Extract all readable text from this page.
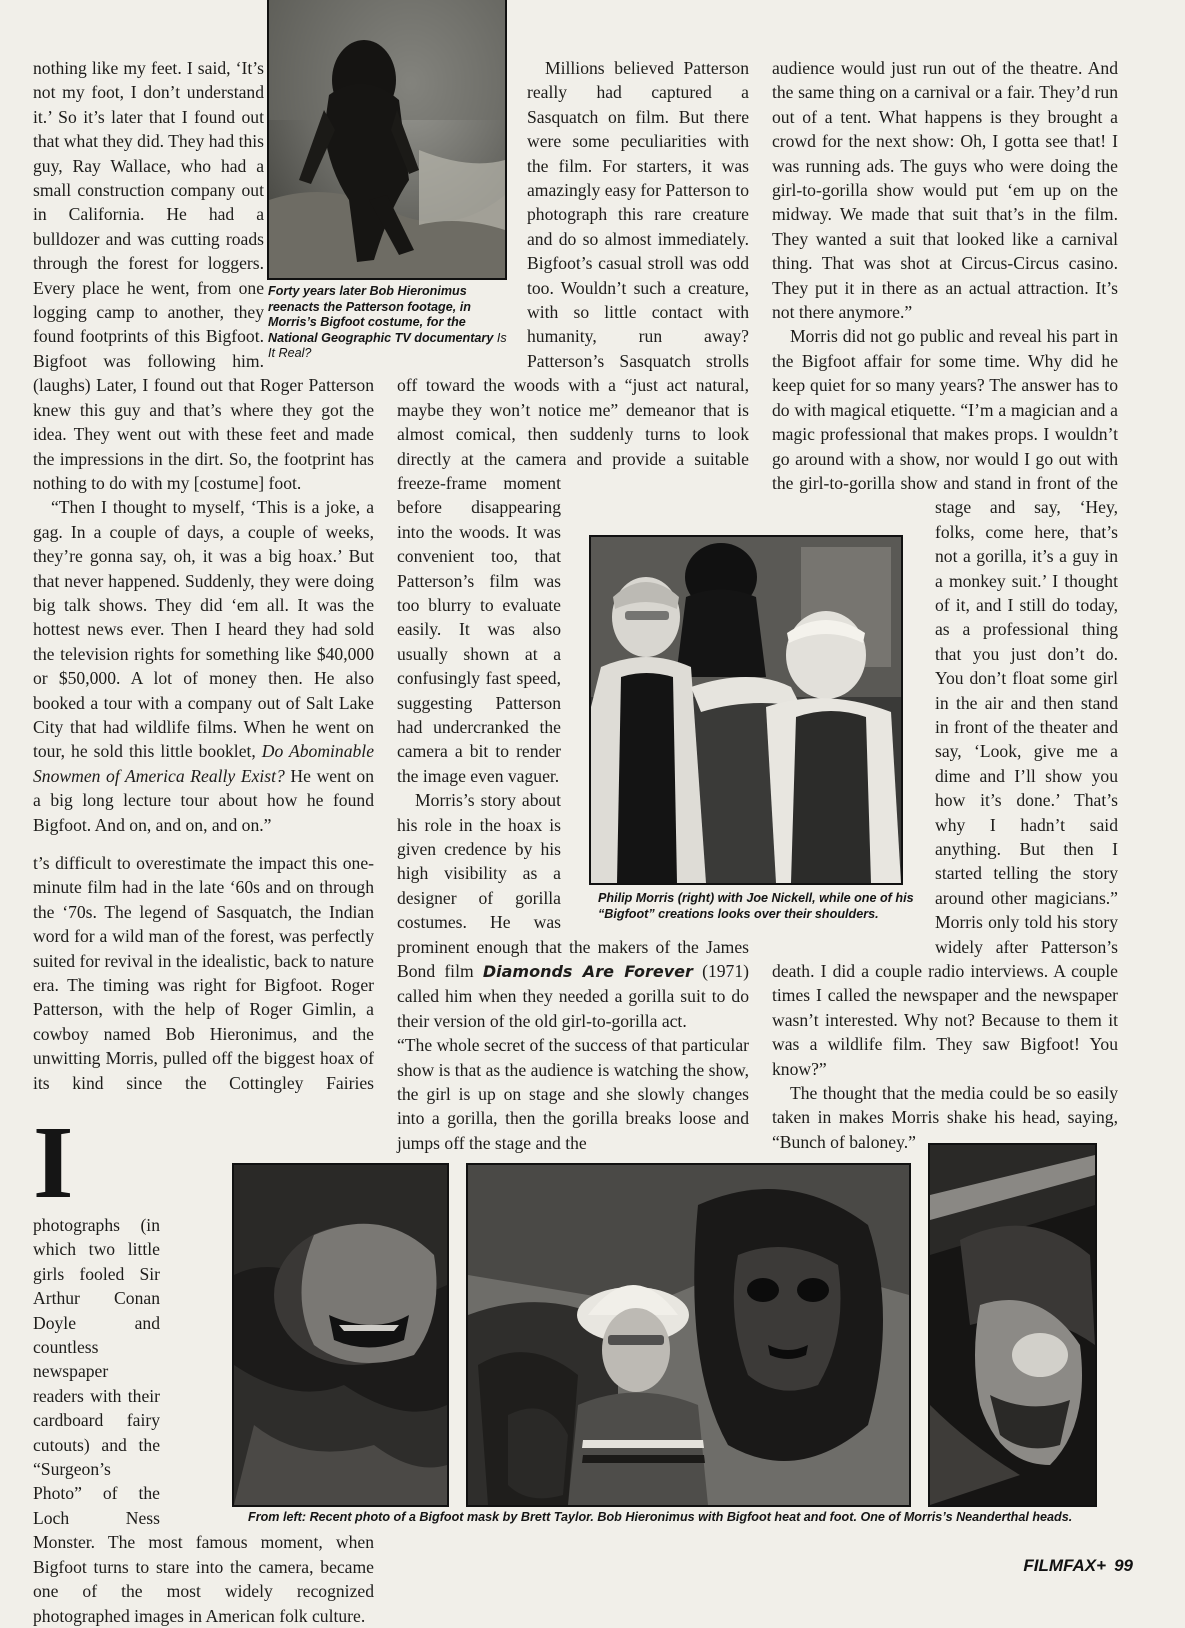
Forty years later Bob Hieronimus reenacts the Patterson footage, in Morris’s Bigfoot costume, for the National Geographic TV documentary Is It Real?
Philip Morris (right) with Joe Nickell, while one of his “Bigfoot” creations looks over their shoulders.
From left: Recent photo of a Bigfoot mask by Brett Taylor. Bob Hieronimus with Bigfoot heat and foot. One of Morris’s Neanderthal heads.

nothing like my feet. I said, ‘It’s not my foot, I don’t understand it.’ So it’s later that I found out that what they did. They had this guy, Ray Wallace, who had a small construction company out in California. He had a bulldozer and was cutting roads through the forest for loggers. Every place he went, from one logging camp to another, they found footprints of this Bigfoot. Bigfoot was following him. (laughs) Later, I found out that Roger Patterson knew this guy and that’s where they got the idea. They went out with these feet and made the impressions in the dirt. So, the footprint has nothing to do with my [costume] foot.

“Then I thought to myself, ‘This is a joke, a gag. In a couple of days, a couple of weeks, they’re gonna say, oh, it was a big hoax.’ But that never happened. Suddenly, they were doing big talk shows. They did ‘em all. It was the hottest news ever. Then I heard they had sold the television rights for something like $40,000 or $50,000. A lot of money then. He also booked a tour with a company out of Salt Lake City that had wildlife films. When he went on tour, he sold this little booklet, Do Abominable Snowmen of America Really Exist? He went on a big long lecture tour about how he found Bigfoot. And on, and on, and on.”

I
t’s difficult to overestimate the impact this one-minute film had in the late ‘60s and on through the ‘70s. The legend of Sasquatch, the Indian word for a wild man of the forest, was perfectly suited for revival in the idealistic, back to nature era. The timing was right for Bigfoot. Roger Patterson, with the help of Roger Gimlin, a cowboy named Bob Hieronimus, and the unwitting Morris, pulled off the biggest hoax of its kind since the Cottingley Fairies photographs (in which two little girls fooled Sir Arthur Conan Doyle and countless newspaper readers with their cardboard fairy cutouts) and the “Surgeon’s Photo” of the Loch Ness Monster. The most famous moment, when Bigfoot turns to stare into the camera, became one of the most widely recognized photographed images in American folk culture.

Millions believed Patterson really had captured a Sasquatch on film. But there were some peculiarities with the film. For starters, it was amazingly easy for Patterson to photograph this rare creature and do so almost immediately. Bigfoot’s casual stroll was odd too. Wouldn’t such a creature, with so little contact with humanity, run away? Patterson’s Sasquatch strolls off toward the woods with a “just act natural, maybe they won’t notice me” demeanor that is almost comical, then suddenly turns to look directly at the camera and provide a suitable freeze-frame moment before disappearing into the woods. It was convenient too, that Patterson’s film was too blurry to evaluate easily. It was also usually shown at a confusingly fast speed, suggesting Patterson had undercranked the camera a bit to render the image even vaguer.

Morris’s story about his role in the hoax is given credence by his high visibility as a designer of gorilla costumes. He was prominent enough that the makers of the James Bond film Diamonds Are Forever (1971) called him when they needed a gorilla suit to do their version of the old girl-to-gorilla act.

“The whole secret of the success of that particular show is that as the audience is watching the show, the girl is up on stage and she slowly changes into a gorilla, then the gorilla breaks loose and jumps off the stage and the

audience would just run out of the theatre. And the same thing on a carnival or a fair. They’d run out of a tent. What happens is they brought a crowd for the next show: Oh, I gotta see that! I was running ads. The guys who were doing the girl-to-gorilla show would put ‘em up on the midway. We made that suit that’s in the film. They wanted a suit that looked like a carnival thing. That was shot at Circus-Circus casino. They put it in there as an actual attraction. It’s not there anymore.”

Morris did not go public and reveal his part in the Bigfoot affair for some time. Why did he keep quiet for so many years? The answer has to do with magical etiquette. “I’m a magician and a magic professional that makes props. I wouldn’t go around with a show, nor would I go out with the girl-to-gorilla show and stand in front of the stage and say, ‘Hey, folks, come here, that’s not a gorilla, it’s a guy in a monkey suit.’ I thought of it, and I still do today, as a professional thing that you just don’t do. You don’t float some girl in the air and then stand in front of the theater and say, ‘Look, give me a dime and I’ll show you how it’s done.’ That’s why I hadn’t said anything. But then I started telling the story around other magicians.” Morris only told his story widely after Patterson’s death. I did a couple radio interviews. A couple times I called the newspaper and the newspaper wasn’t interested. Why not? Because to them it was a wildlife film. They saw Bigfoot! You know?”

The thought that the media could be so easily taken in makes Morris shake his head, saying, “Bunch of baloney.”

FILMFAX+ 99
